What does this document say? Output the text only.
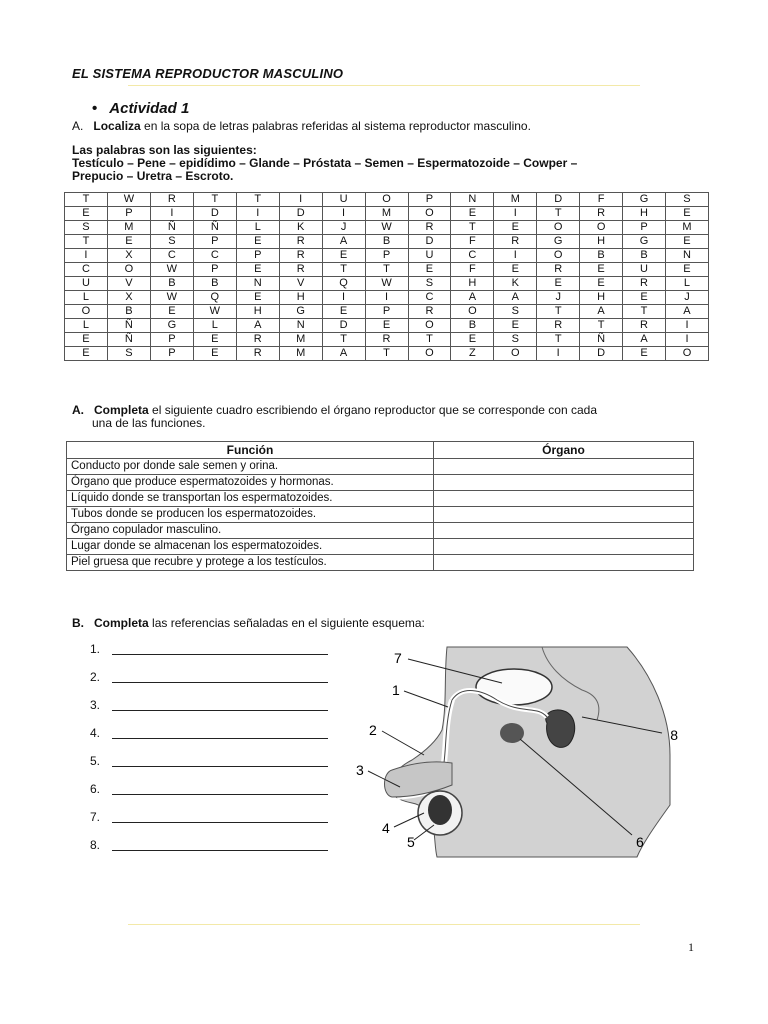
EL SISTEMA REPRODUCTOR MASCULINO
• Actividad 1
A. Localiza en la sopa de letras palabras referidas al sistema reproductor masculino.
Las palabras son las siguientes:
Testículo – Pene – epidídimo – Glande – Próstata – Semen – Espermatozoide – Cowper –
Prepucio – Uretra – Escroto.
T	W	R	T	T	I	U	O	P	N	M	D	F	G	S
E	P	I	D	I	D	I	M	O	E	I	T	R	H	E
S	M	Ñ	Ñ	L	K	J	W	R	T	E	O	O	P	M
T	E	S	P	E	R	A	B	D	F	R	G	H	G	E
I	X	C	C	P	R	E	P	U	C	I	O	B	B	N
C	O	W	P	E	R	T	T	E	F	E	R	E	U	E
U	V	B	B	N	V	Q	W	S	H	K	E	E	R	L
L	X	W	Q	E	H	I	I	C	A	A	J	H	E	J
O	B	E	W	H	G	E	P	R	O	S	T	A	T	A
L	Ñ	G	L	A	N	D	E	O	B	E	R	T	R	I
E	Ñ	P	E	R	M	T	R	T	E	S	T	Ñ	A	I
E	S	P	E	R	M	A	T	O	Z	O	I	D	E	O
A. Completa el siguiente cuadro escribiendo el órgano reproductor que se corresponde con cada
una de las funciones.
Función	Órgano
Conducto por donde sale semen y orina.	
Órgano que produce espermatozoides y hormonas.	
Líquido donde se transportan los espermatozoides.	
Tubos donde se producen los espermatozoides.	
Órgano copulador masculino.	
Lugar donde se almacenan los espermatozoides.	
Piel gruesa que recubre y protege a los testículos.	
B. Completa las referencias señaladas en el siguiente esquema:
1.
2.
3.
4.
5.
6.
7.
8.
7
1
2
3
4
5	6
8
1
